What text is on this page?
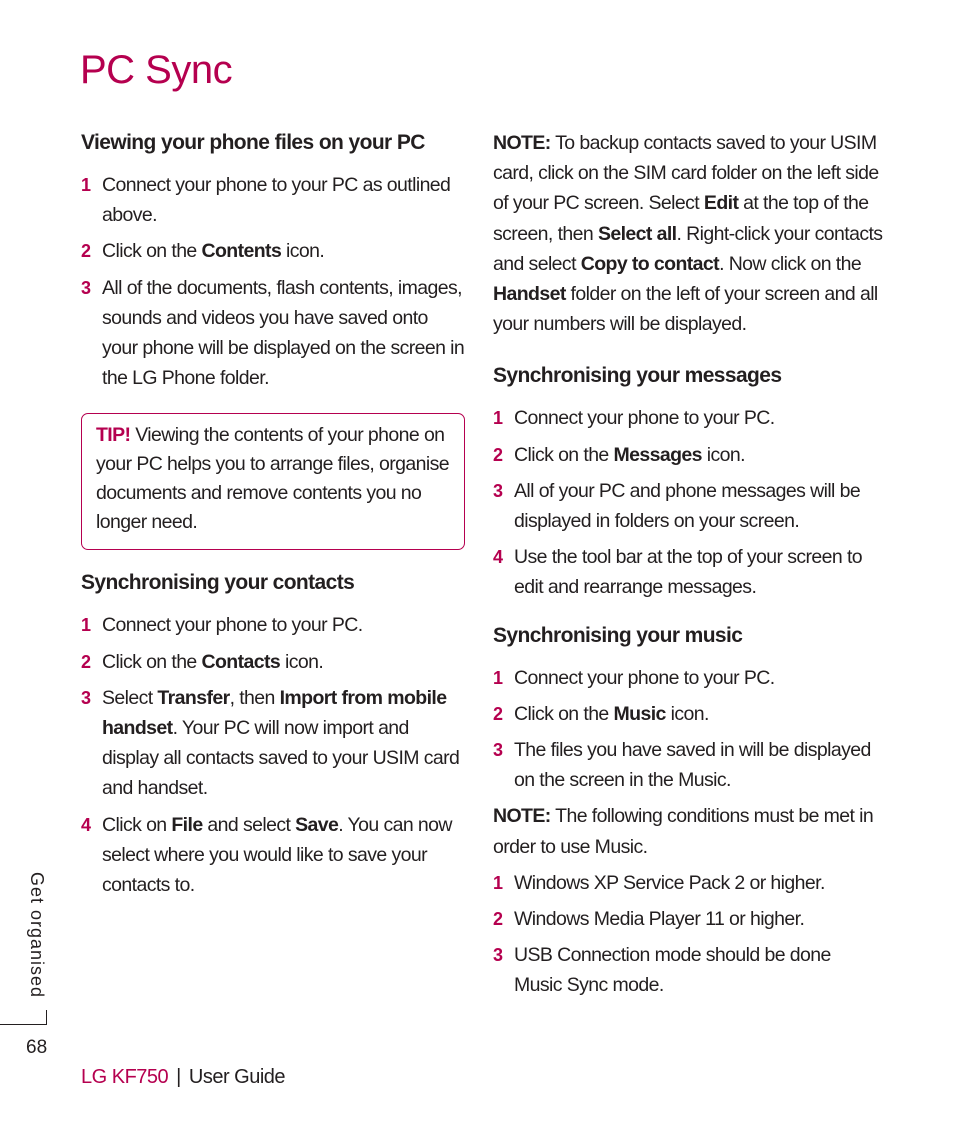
PC Sync
Viewing your phone files on your PC
1 Connect your phone to your PC as outlined above.
2 Click on the Contents icon.
3 All of the documents, flash contents, images, sounds and videos you have saved onto your phone will be displayed on the screen in the LG Phone folder.
TIP! Viewing the contents of your phone on your PC helps you to arrange files, organise documents and remove contents you no longer need.
Synchronising your contacts
1 Connect your phone to your PC.
2 Click on the Contacts icon.
3 Select Transfer, then Import from mobile handset. Your PC will now import and display all contacts saved to your USIM card and handset.
4 Click on File and select Save. You can now select where you would like to save your contacts to.

NOTE: To backup contacts saved to your USIM card, click on the SIM card folder on the left side of your PC screen. Select Edit at the top of the screen, then Select all. Right-click your contacts and select Copy to contact. Now click on the Handset folder on the left of your screen and all your numbers will be displayed.

Synchronising your messages
1 Connect your phone to your PC.
2 Click on the Messages icon.
3 All of your PC and phone messages will be displayed in folders on your screen.
4 Use the tool bar at the top of your screen to edit and rearrange messages.
Synchronising your music
1 Connect your phone to your PC.
2 Click on the Music icon.
3 The files you have saved in will be displayed on the screen in the Music.

NOTE: The following conditions must be met in order to use Music.

1 Windows XP Service Pack 2 or higher.
2 Windows Media Player 11 or higher.
3 USB Connection mode should be done Music Sync mode.
Get organised
68
LG KF750 | User Guide
